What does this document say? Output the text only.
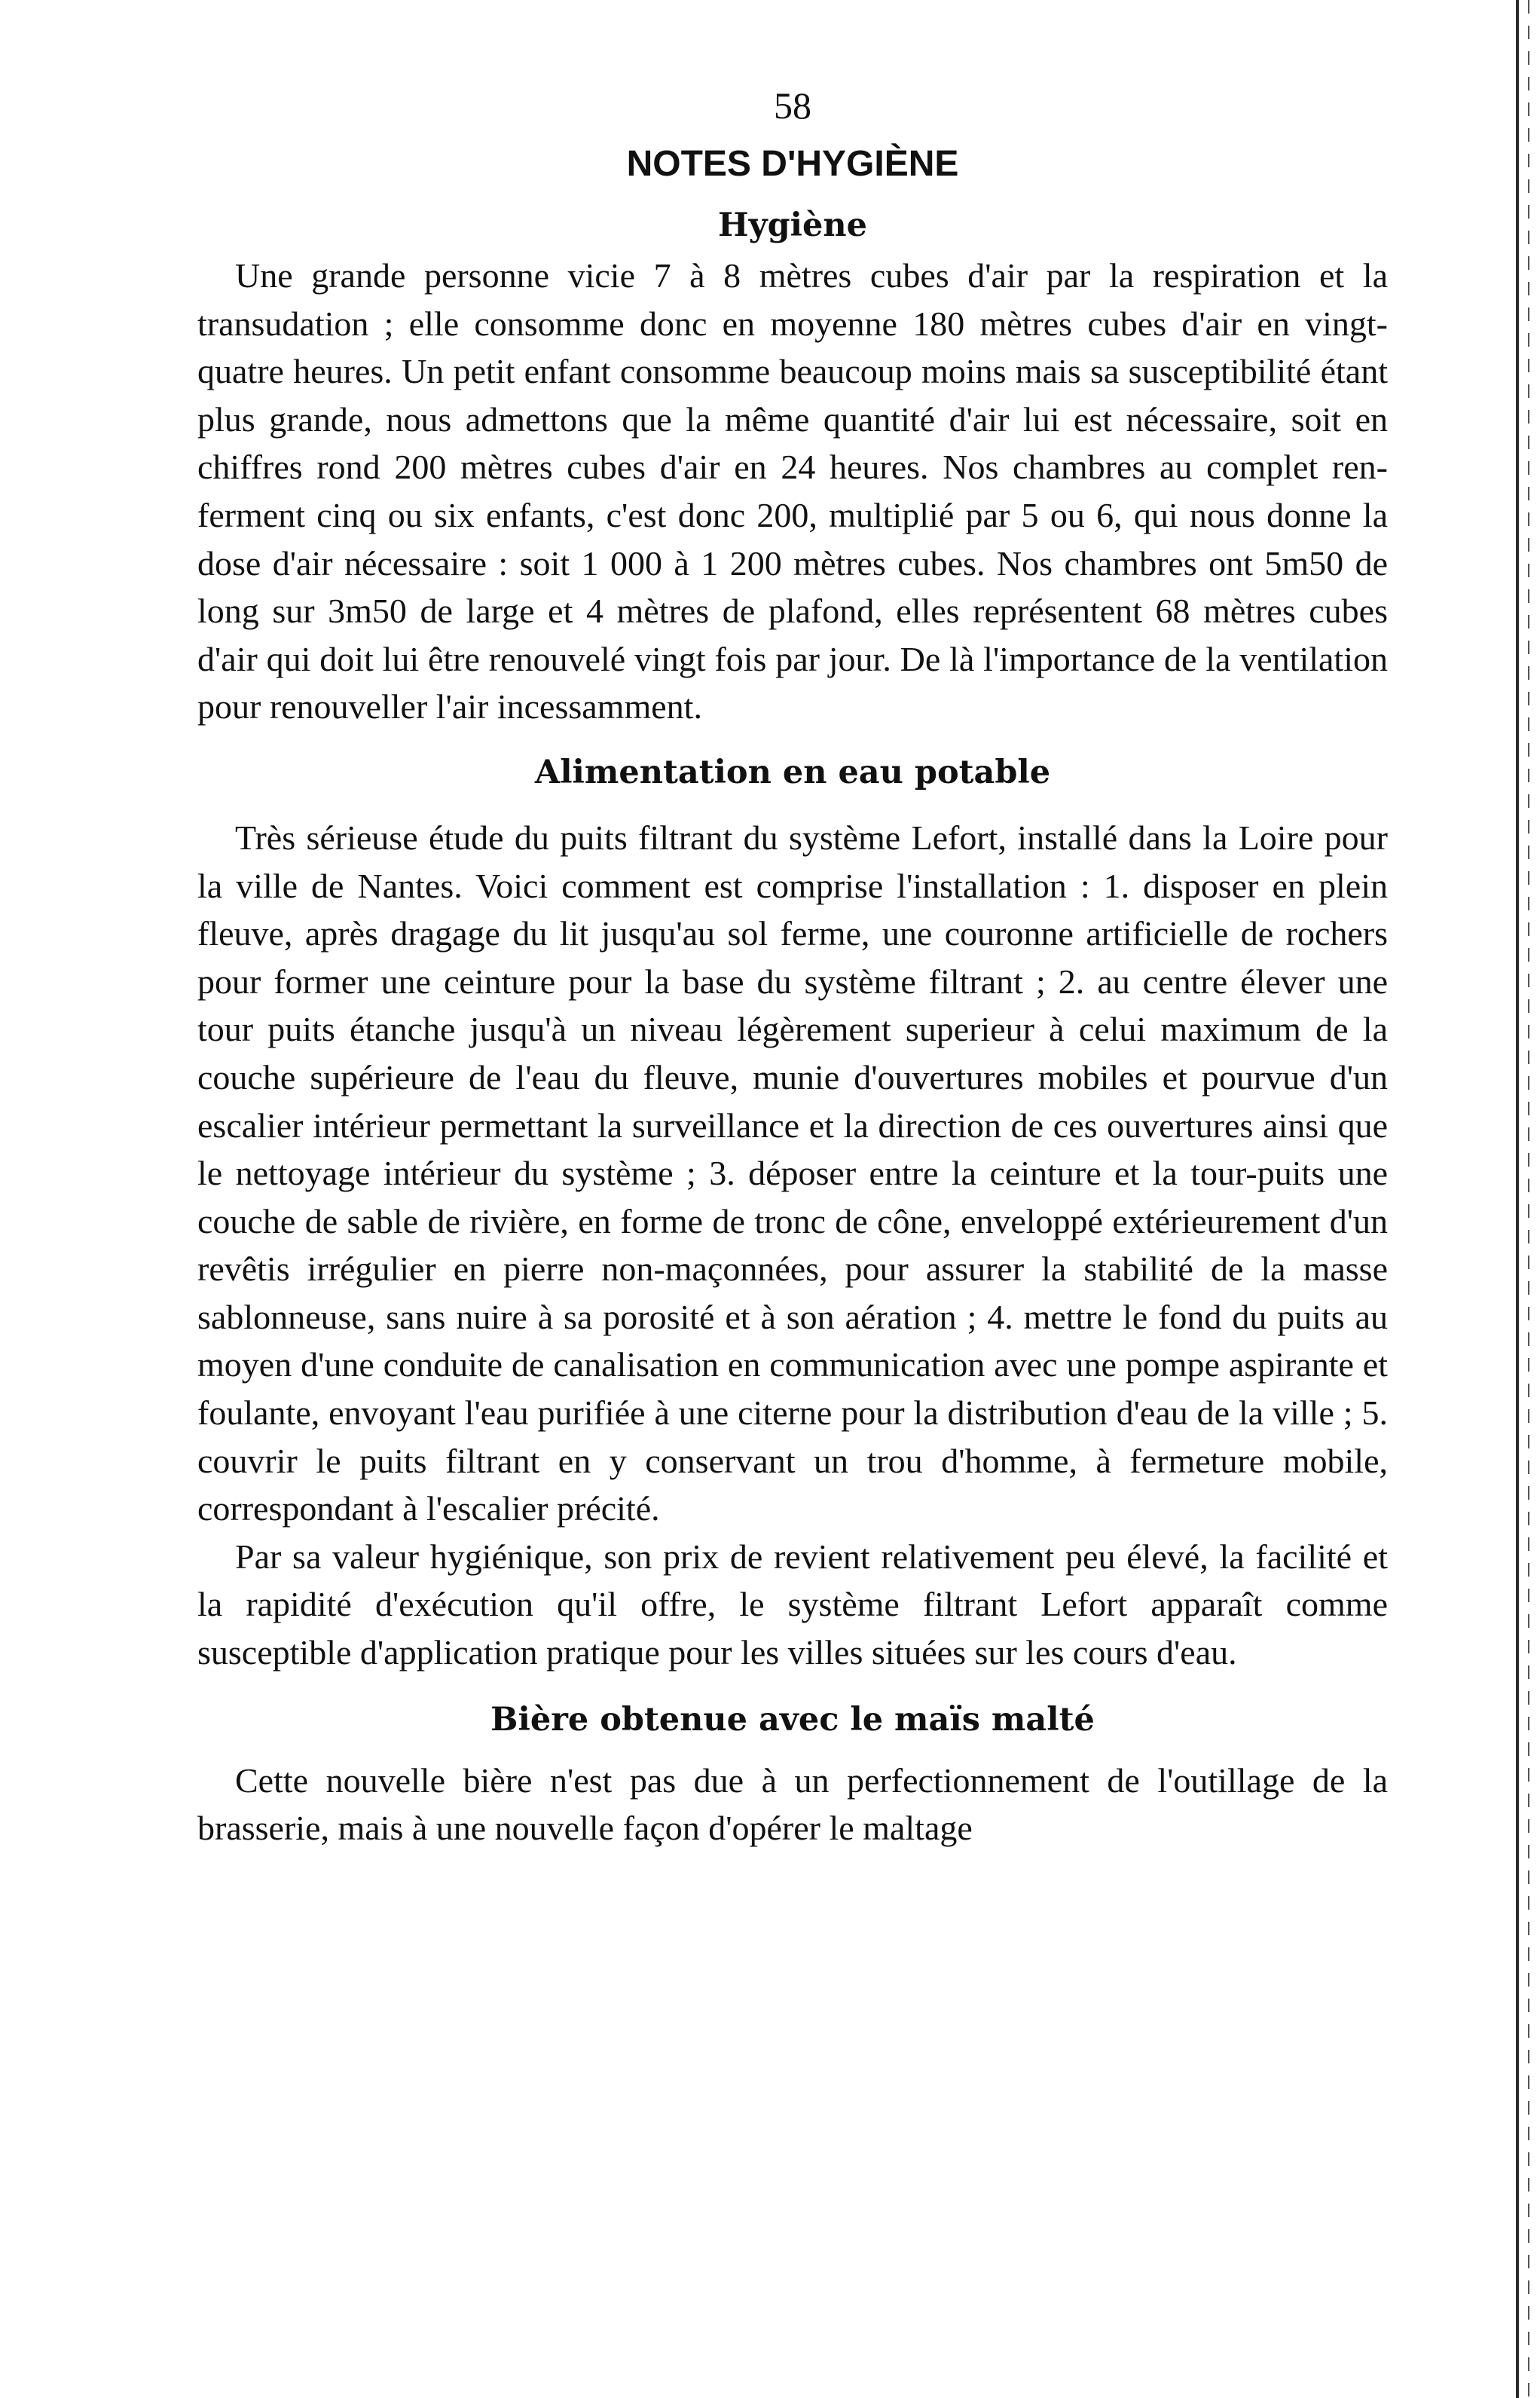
58
NOTES D'HYGIÈNE
Hygiène

Une grande personne vicie 7 à 8 mètres cubes d'air par la respiration et la transudation ; elle consomme donc en moyenne 180 mètres cubes d'air en vingt-quatre heures. Un petit enfant consomme beaucoup moins mais sa susceptibilité étant plus grande, nous admettons que la même quantité d'air lui est nécessaire, soit en chiffres rond 200 mètres cubes d'air en 24 heures. Nos chambres au complet renferment cinq ou six enfants, c'est donc 200, multiplié par 5 ou 6, qui nous donne la dose d'air nécessaire : soit 1 000 à 1 200 mètres cubes. Nos chambres ont 5m50 de long sur 3m50 de large et 4 mètres de plafond, elles représentent 68 mètres cubes d'air qui doit lui être renouvelé vingt fois par jour. De là l'importance de la ventilation pour renouveller l'air incessamment.

Alimentation en eau potable

Très sérieuse étude du puits filtrant du système Lefort, installé dans la Loire pour la ville de Nantes. Voici comment est comprise l'installation : 1. disposer en plein fleuve, après dragage du lit jusqu'au sol ferme, une couronne artificielle de rochers pour former une ceinture pour la base du système filtrant ; 2. au centre élever une tour puits étanche jusqu'à un niveau légèrement superieur à celui maximum de la couche supérieure de l'eau du fleuve, munie d'ouvertures mobiles et pourvue d'un escalier intérieur permettant la surveillance et la direction de ces ouvertures ainsi que le nettoyage intérieur du système ; 3. déposer entre la ceinture et la tour-puits une couche de sable de rivière, en forme de tronc de cône, enveloppé extérieurement d'un revêtis irrégulier en pierre non-maçonnées, pour assurer la stabilité de la masse sablonneuse, sans nuire à sa porosité et à son aération ; 4. mettre le fond du puits au moyen d'une conduite de canalisation en communication avec une pompe aspirante et foulante, envoyant l'eau purifiée à une citerne pour la distribution d'eau de la ville ; 5. couvrir le puits filtrant en y conservant un trou d'homme, à fermeture mobile, correspondant à l'escalier précité.

Par sa valeur hygiénique, son prix de revient relativement peu élevé, la facilité et la rapidité d'exécution qu'il offre, le système filtrant Lefort apparaît comme susceptible d'application pratique pour les villes situées sur les cours d'eau.

Bière obtenue avec le maïs malté

Cette nouvelle bière n'est pas due à un perfectionnement de l'outillage de la brasserie, mais à une nouvelle façon d'opérer le maltage
